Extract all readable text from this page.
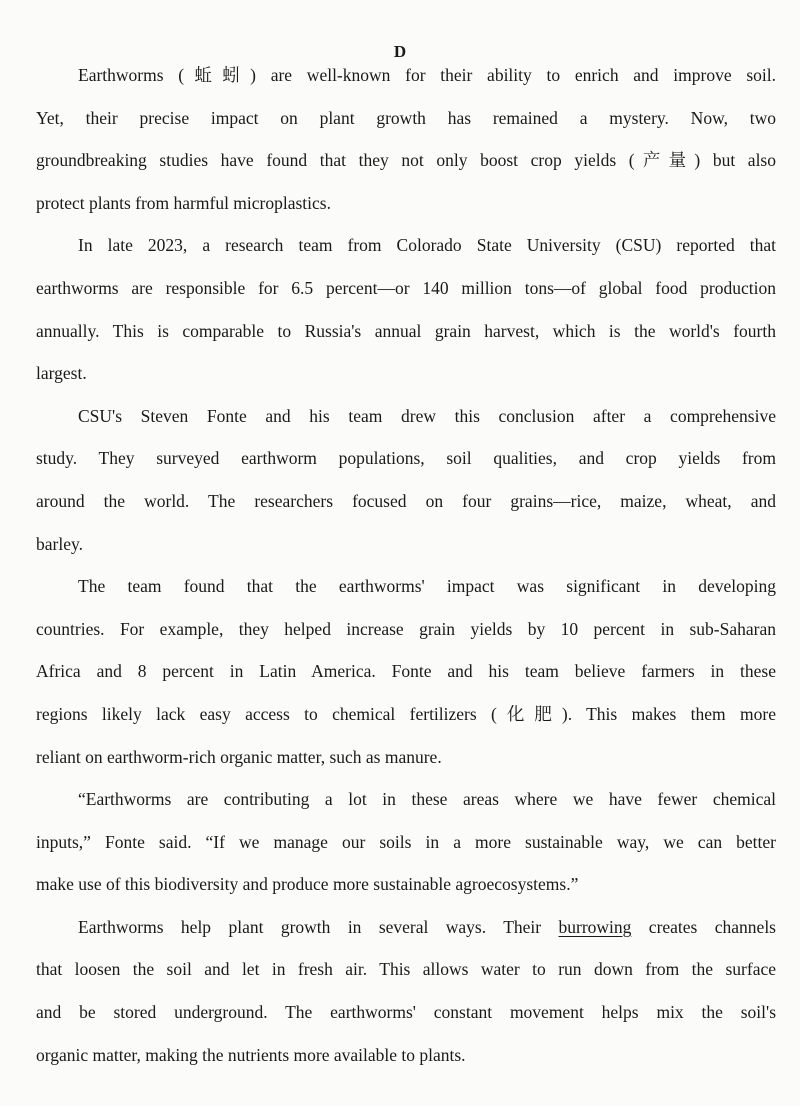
D
Earthworms (蚯蚓) are well-known for their ability to enrich and improve soil.
Yet, their precise impact on plant growth has remained a mystery. Now, two
groundbreaking studies have found that they not only boost crop yields (产量) but also
protect plants from harmful microplastics.
In late 2023, a research team from Colorado State University (CSU) reported that
earthworms are responsible for 6.5 percent—or 140 million tons—of global food production
annually. This is comparable to Russia's annual grain harvest, which is the world's fourth
largest.
CSU's Steven Fonte and his team drew this conclusion after a comprehensive
study. They surveyed earthworm populations, soil qualities, and crop yields from
around the world. The researchers focused on four grains—rice, maize, wheat, and
barley.
The team found that the earthworms' impact was significant in developing
countries. For example, they helped increase grain yields by 10 percent in sub-Saharan
Africa and 8 percent in Latin America. Fonte and his team believe farmers in these
regions likely lack easy access to chemical fertilizers (化肥). This makes them more
reliant on earthworm-rich organic matter, such as manure.
“Earthworms are contributing a lot in these areas where we have fewer chemical
inputs,” Fonte said. “If we manage our soils in a more sustainable way, we can better
make use of this biodiversity and produce more sustainable agroecosystems.”
Earthworms help plant growth in several ways. Their burrowing creates channels
that loosen the soil and let in fresh air. This allows water to run down from the surface
and be stored underground. The earthworms' constant movement helps mix the soil's
organic matter, making the nutrients more available to plants.
